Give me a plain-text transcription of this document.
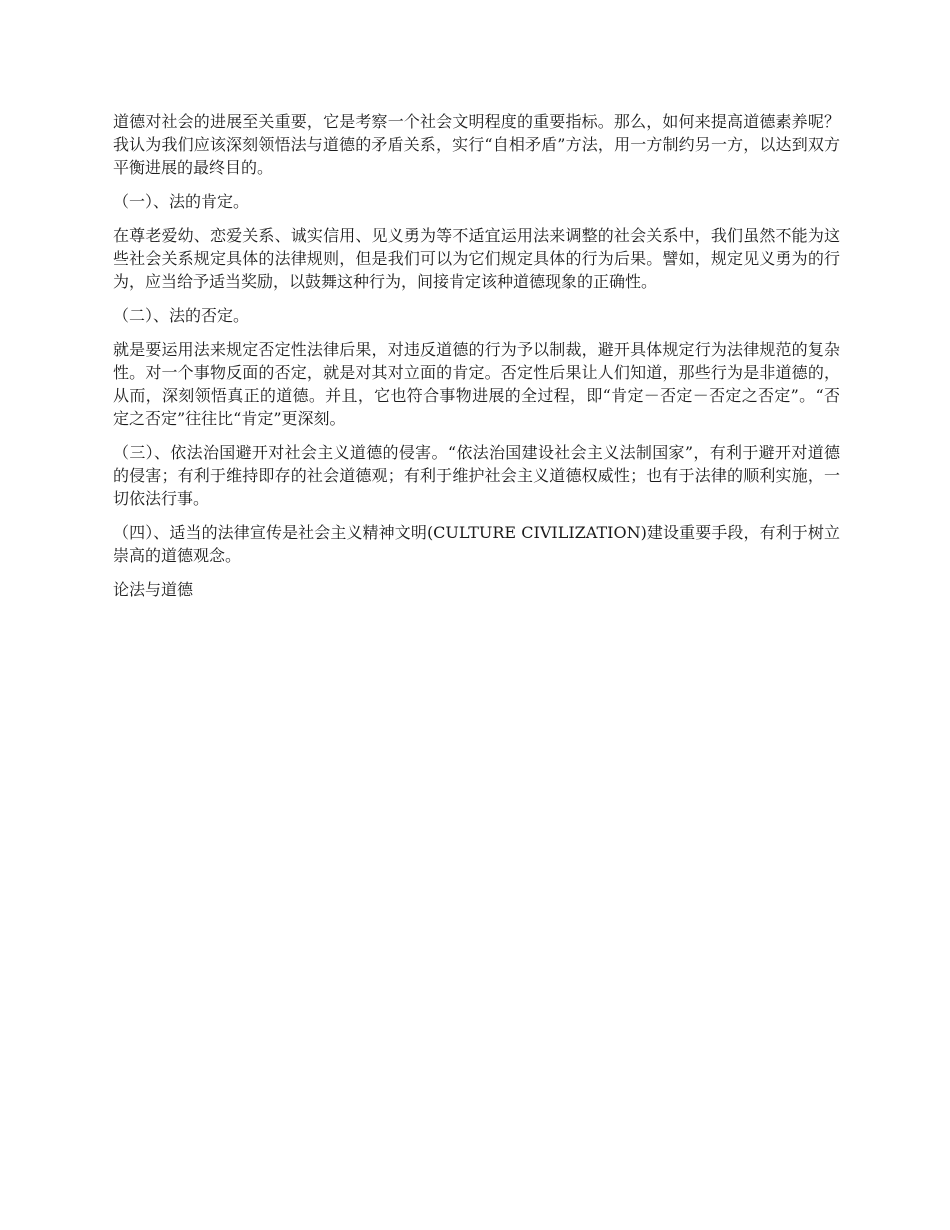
道德对社会的进展至关重要，它是考察一个社会文明程度的重要指标。那么，如何来提高道德素养呢？我认为我们应该深刻领悟法与道德的矛盾关系，实行“自相矛盾”方法，用一方制约另一方，以达到双方平衡进展的最终目的。

（一）、法的肯定。

在尊老爱幼、恋爱关系、诚实信用、见义勇为等不适宜运用法来调整的社会关系中，我们虽然不能为这些社会关系规定具体的法律规则，但是我们可以为它们规定具体的行为后果。譬如，规定见义勇为的行为，应当给予适当奖励，以鼓舞这种行为，间接肯定该种道德现象的正确性。

（二）、法的否定。

就是要运用法来规定否定性法律后果，对违反道德的行为予以制裁，避开具体规定行为法律规范的复杂性。对一个事物反面的否定，就是对其对立面的肯定。否定性后果让人们知道，那些行为是非道德的，从而，深刻领悟真正的道德。并且，它也符合事物进展的全过程，即“肯定－否定－否定之否定”。“否定之否定”往往比“肯定”更深刻。

（三）、依法治国避开对社会主义道德的侵害。“依法治国建设社会主义法制国家”，有利于避开对道德的侵害；有利于维持即存的社会道德观；有利于维护社会主义道德权威性；也有于法律的顺利实施，一切依法行事。

（四）、适当的法律宣传是社会主义精神文明(CULTURE CIVILIZATION)建设重要手段，有利于树立崇高的道德观念。

论法与道德
